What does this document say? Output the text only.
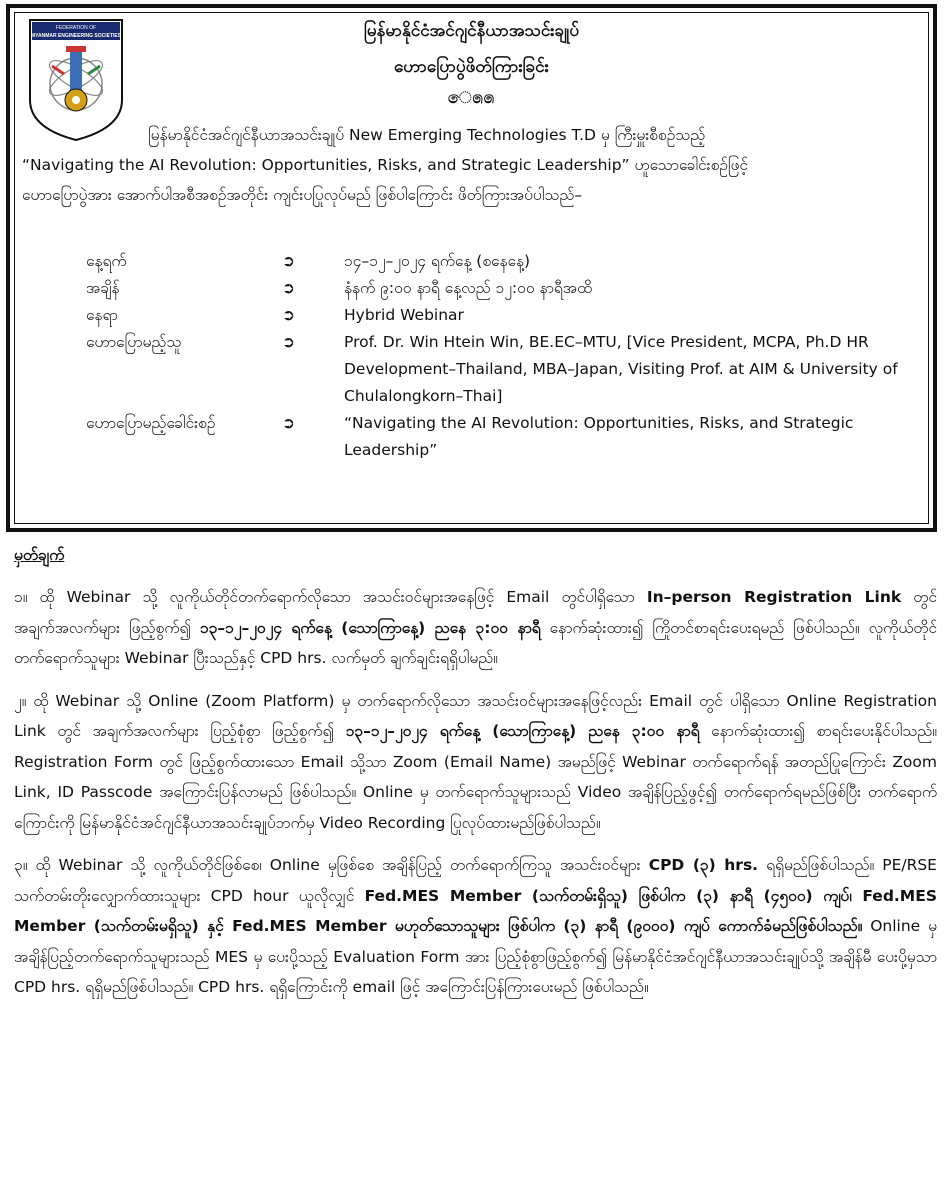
FEDERATION OF
MYANMAR ENGINEERING SOCIETIES	မြန်မာနိုင်ငံအင်ဂျင်နီယာအသင်းချုပ်
ဟောပြောပွဲဖိတ်ကြားခြင်း
ෙ෧෧
မြန်မာနိုင်ငံအင်ဂျင်နီယာအသင်းချုပ် New Emerging Technologies T.D မှ ကြီးမှူးစီစဉ်သည့်
“Navigating the AI Revolution: Opportunities, Risks, and Strategic Leadership” ဟူသောခေါင်းစဉ်ဖြင့်
ဟောပြောပွဲအား အောက်ပါအစီအစဉ်အတိုင်း ကျင်းပပြုလုပ်မည် ဖြစ်ပါကြောင်း ဖိတ်ကြားအပ်ပါသည်–
နေ့ရက်	➲	၁၄–၁၂–၂၀၂၄ ရက်နေ့ (စနေနေ့)
အချိန်	➲	နံနက် ၉:၀၀ နာရီ နေ့လည် ၁၂:၀၀ နာရီအထိ
နေရာ	➲	Hybrid Webinar
ဟောပြောမည့်သူ	➲	Prof. Dr. Win Htein Win, BE.EC–MTU, [Vice President, MCPA, Ph.D HR Development–Thailand, MBA–Japan, Visiting Prof. at AIM & University of Chulalongkorn–Thai]
ဟောပြောမည့်ခေါင်းစဉ်	➲	“Navigating the AI Revolution: Opportunities, Risks, and Strategic Leadership”
မှတ်ချက်
၁။ ထို Webinar သို့ လူကိုယ်တိုင်တက်ရောက်လိုသော အသင်းဝင်များအနေဖြင့် Email တွင်ပါရှိသော In–person Registration Link တွင် အချက်အလက်များ ဖြည့်စွက်၍ ၁၃–၁၂–၂၀၂၄ ရက်နေ့ (သောကြာနေ့) ညနေ ၃:၀၀ နာရီ နောက်ဆုံးထား၍ ကြိုတင်စာရင်းပေးရမည် ဖြစ်ပါသည်။ လူကိုယ်တိုင် တက်ရောက်သူများ Webinar ပြီးသည်နှင့် CPD hrs. လက်မှတ် ချက်ချင်းရရှိပါမည်။
၂။ ထို Webinar သို့ Online (Zoom Platform) မှ တက်ရောက်လိုသော အသင်းဝင်များအနေဖြင့်လည်း Email တွင် ပါရှိသော Online Registration Link တွင် အချက်အလက်များ ပြည့်စုံစွာ ဖြည့်စွက်၍ ၁၃–၁၂–၂၀၂၄ ရက်နေ့ (သောကြာနေ့) ညနေ ၃:၀၀ နာရီ နောက်ဆုံးထား၍ စာရင်းပေးနိုင်ပါသည်။ Registration Form တွင် ဖြည့်စွက်ထားသော Email သို့သာ Zoom (Email Name) အမည်ဖြင့် Webinar တက်ရောက်ရန် အတည်ပြုကြောင်း Zoom Link, ID Passcode အကြောင်းပြန်လာမည် ဖြစ်ပါသည်။ Online မှ တက်ရောက်သူများသည် Video အချိန်ပြည့်ဖွင့်၍ တက်ရောက်ရမည်ဖြစ်ပြီး တက်ရောက်ကြောင်းကို မြန်မာနိုင်ငံအင်ဂျင်နီယာအသင်းချုပ်ဘက်မှ Video Recording ပြုလုပ်ထားမည်ဖြစ်ပါသည်။
၃။ ထို Webinar သို့ လူကိုယ်တိုင်ဖြစ်စေ၊ Online မှဖြစ်စေ အချိန်ပြည့် တက်ရောက်ကြသူ အသင်းဝင်များ CPD (၃) hrs. ရရှိမည်ဖြစ်ပါသည်။ PE/RSE သက်တမ်းတိုးလျှောက်ထားသူများ CPD hour ယူလိုလျှင် Fed.MES Member (သက်တမ်းရှိသူ) ဖြစ်ပါက (၃) နာရီ (၄၅၀၀) ကျပ်၊ Fed.MES Member (သက်တမ်းမရှိသူ) နှင့် Fed.MES Member မဟုတ်သောသူများ ဖြစ်ပါက (၃) နာရီ (၉၀၀၀) ကျပ် ကောက်ခံမည်ဖြစ်ပါသည်။ Online မှ အချိန်ပြည့်တက်ရောက်သူများသည် MES မှ ပေးပို့သည့် Evaluation Form အား ပြည့်စုံစွာဖြည့်စွက်၍ မြန်မာနိုင်ငံအင်ဂျင်နီယာအသင်းချုပ်သို့ အချိန်မီ ပေးပို့မှသာ CPD hrs. ရရှိမည်ဖြစ်ပါသည်။ CPD hrs. ရရှိကြောင်းကို email ဖြင့် အကြောင်းပြန်ကြားပေးမည် ဖြစ်ပါသည်။
